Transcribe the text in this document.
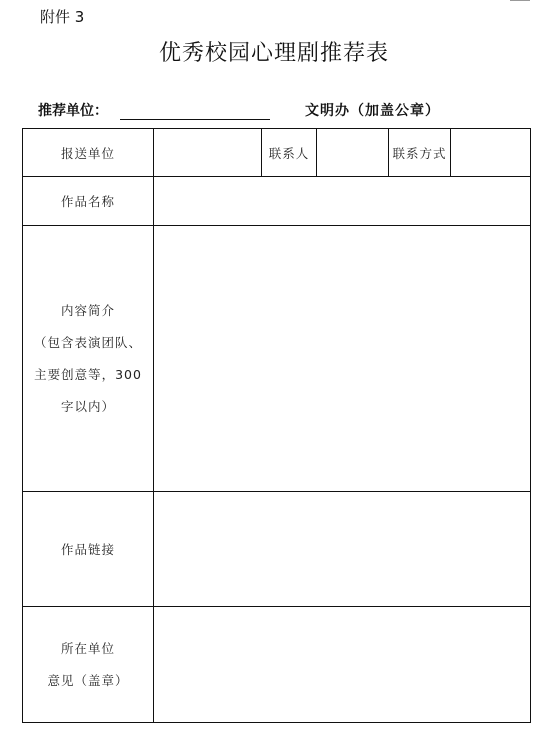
附件 3
优秀校园心理剧推荐表
推荐单位：	文明办（加盖公章）
报送单位		联系人		联系方式	
作品名称					

内容简介
（包含表演团队、
主要创意等，300
字以内）					

作品链接					

所在单位
意见（盖章）					
